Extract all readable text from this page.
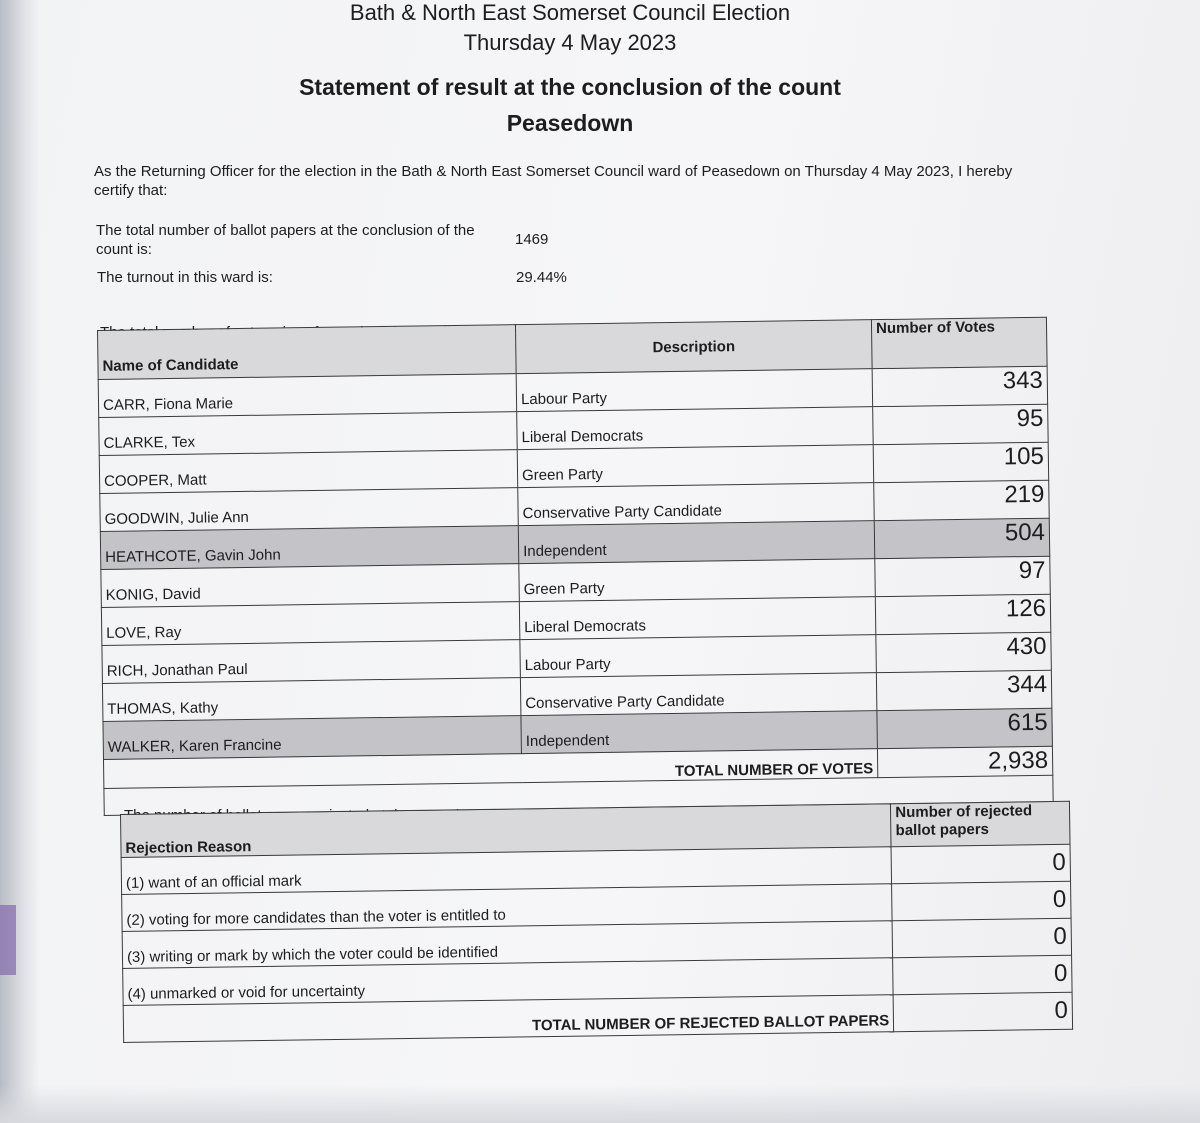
Bath & North East Somerset Council Election
Thursday 4 May 2023
Statement of result at the conclusion of the count
Peasedown
As the Returning Officer for the election in the Bath & North East Somerset Council ward of Peasedown on Thursday 4 May 2023, I hereby certify that:
The total number of ballot papers at the conclusion of the count is:
1469
The turnout in this ward is:	29.44%
Name of Candidate	Description	Number of Votes
CARR, Fiona Marie	Labour Party	343
CLARKE, Tex	Liberal Democrats	95
COOPER, Matt	Green Party	105
GOODWIN, Julie Ann	Conservative Party Candidate	219
HEATHCOTE, Gavin John	Independent	504
KONIG, David	Green Party	97
LOVE, Ray	Liberal Democrats	126
RICH, Jonathan Paul	Labour Party	430
THOMAS, Kathy	Conservative Party Candidate	344
WALKER, Karen Francine	Independent	615
TOTAL NUMBER OF VOTES		2,938

Rejection Reason	Number of rejected ballot papers
(1) want of an official mark	0
(2) voting for more candidates than the voter is entitled to	0
(3) writing or mark by which the voter could be identified	0
(4) unmarked or void for uncertainty	0
TOTAL NUMBER OF REJECTED BALLOT PAPERS	0
